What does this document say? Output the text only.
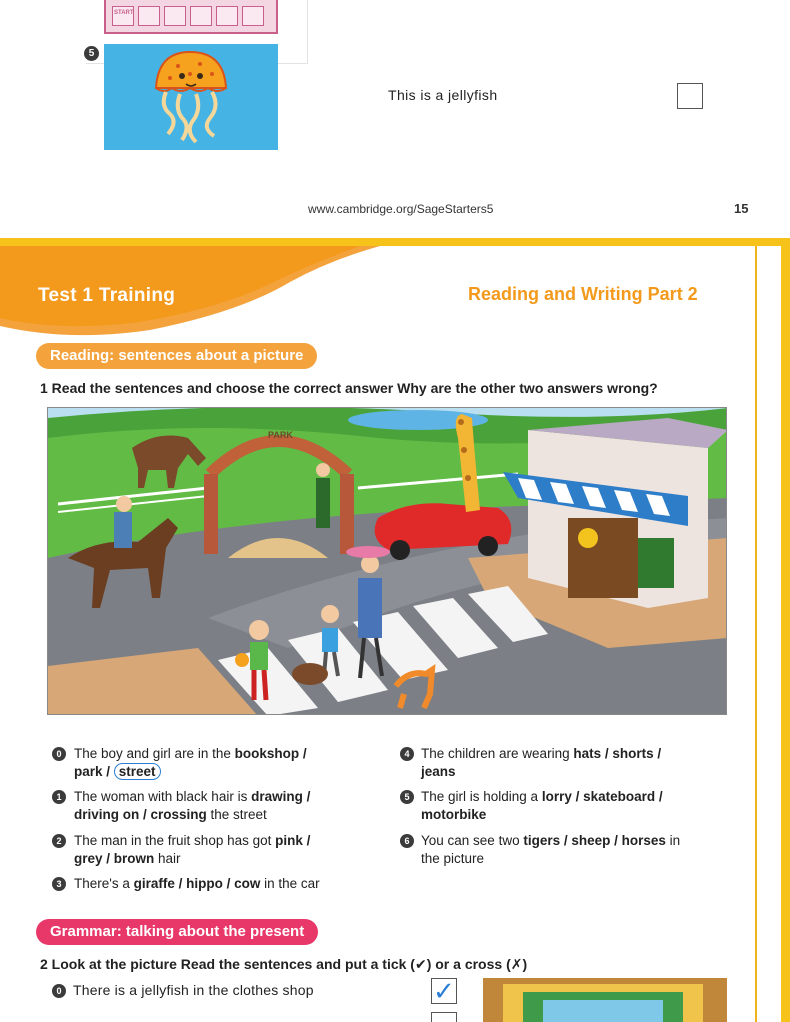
START
5
This is a jellyfish
www.cambridge.org/SageStarters5	15
Test 1 Training	Reading and Writing Part 2
Reading: sentences about a picture
1 Read the sentences and choose the correct answer Why are the other two answers wrong?
PARK
0 The boy and girl are in the bookshop /
park / street
1 The woman with black hair is drawing /
driving on / crossing the street
2 The man in the fruit shop has got pink /
grey / brown hair
3 There's a giraffe / hippo / cow in the car
4 The children are wearing hats / shorts /
jeans
5 The girl is holding a lorry / skateboard /
motorbike
6 You can see two tigers / sheep / horses in
the picture
Grammar: talking about the present
2 Look at the picture Read the sentences and put a tick (✔) or a cross (✗)
0 There is a jellyfish in the clothes shop	✓
